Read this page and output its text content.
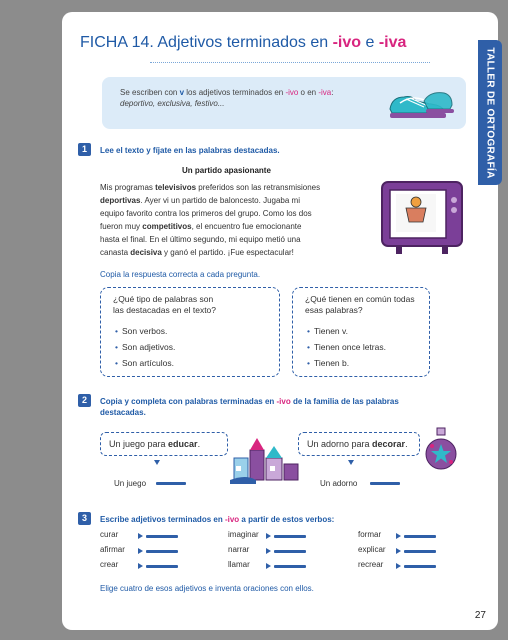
FICHA 14. Adjetivos terminados en -ivo e -iva
Se escriben con v los adjetivos terminados en -ivo o en -iva:
deportivo, exclusiva, festivo...
1	Lee el texto y fíjate en las palabras destacadas.
Un partido apasionante
Mis programas televisivos preferidos son las retransmisiones
deportivas. Ayer vi un partido de baloncesto. Jugaba mi
equipo favorito contra los primeros del grupo. Como los dos
fueron muy competitivos, el encuentro fue emocionante
hasta el final. En el último segundo, mi equipo metió una
canasta decisiva y ganó el partido. ¡Fue espectacular!
Copia la respuesta correcta a cada pregunta.
¿Qué tipo de palabras son
las destacadas en el texto?
• Son verbos.
• Son adjetivos.
• Son artículos.
¿Qué tienen en común todas
esas palabras?
• Tienen v.
• Tienen once letras.
• Tienen b.
2	Copia y completa con palabras terminadas en -ivo de la familia de las palabras
destacadas.
Un juego para educar.
Un juego
Un adorno para decorar.
Un adorno
3	Escribe adjetivos terminados en -ivo a partir de estos verbos:
curar	imaginar	formar
afirmar	narrar	explicar
crear	llamar	recrear
Elige cuatro de esos adjetivos e inventa oraciones con ellos.
27
TALLER DE ORTOGRAFÍA
